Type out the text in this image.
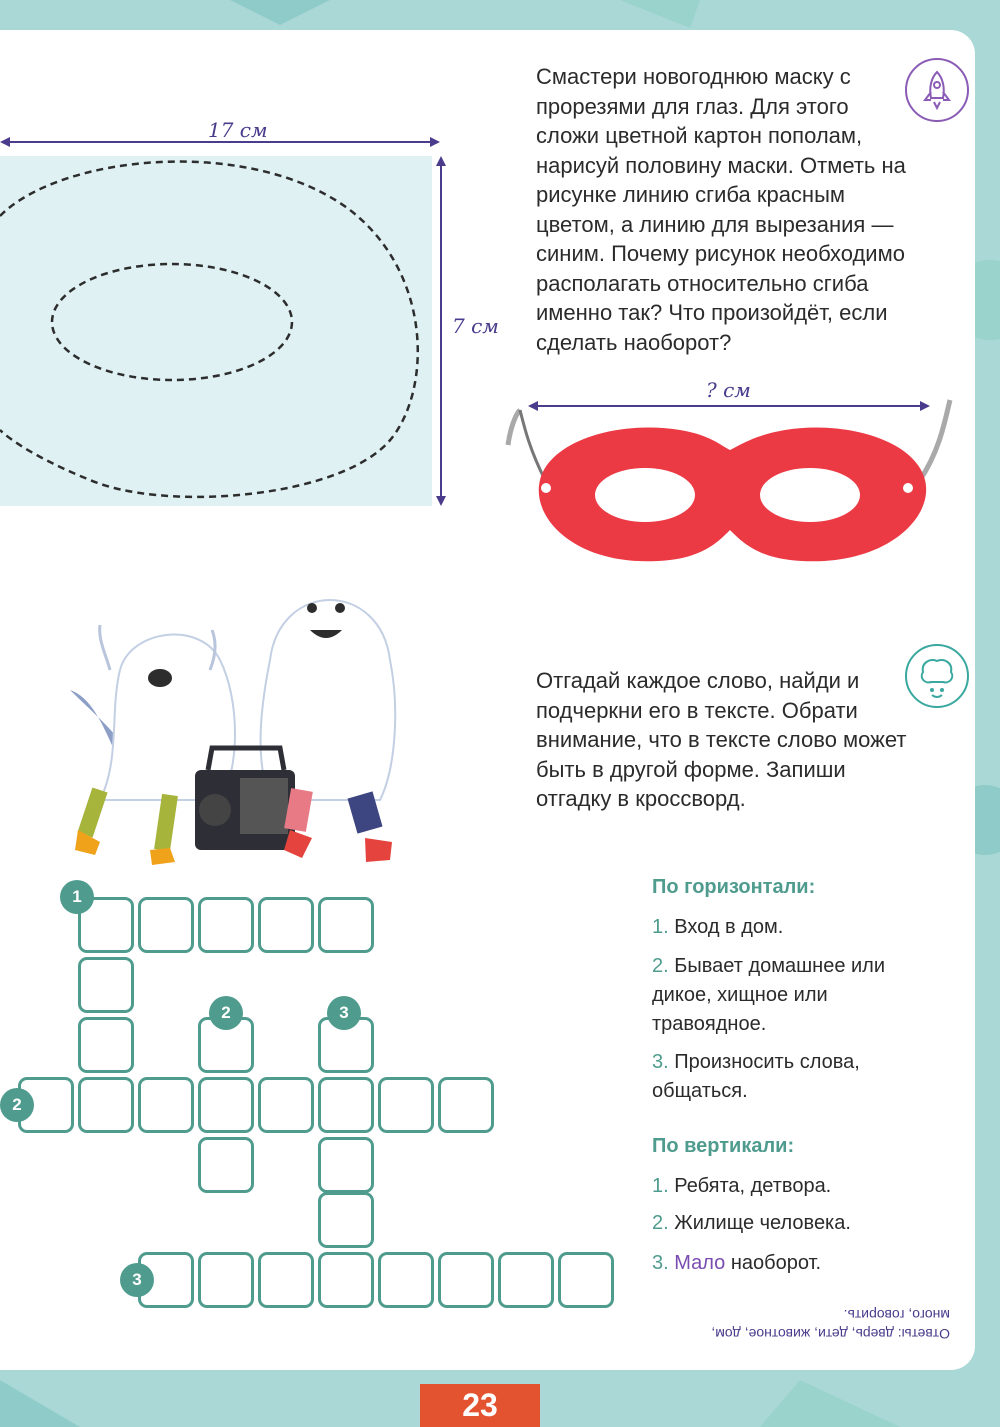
17 см
7 см
Смастери новогоднюю маску с прорезями для глаз. Для этого сложи цветной картон пополам, нарисуй половину маски. Отметь на рисунке линию сгиба красным цветом, а линию для вырезания — синим. Почему рисунок необходимо располагать относительно сгиба именно так? Что произойдёт, если сделать наоборот?
? см
Отгадай каждое слово, найди и подчеркни его в тексте. Обрати внимание, что в тексте слово может быть в другой форме. Запиши отгадку в кроссворд.
1
2
3
2	3
По горизонтали:
1. Вход в дом.
2. Бывает домашнее или дикое, хищное или травоядное.
3. Произносить слова, общаться.
По вертикали:
1. Ребята, детвора.
2. Жилище человека.
3. Мало наоборот.
Ответы: дверь, дети, животное, дом, много, говорить.
23
